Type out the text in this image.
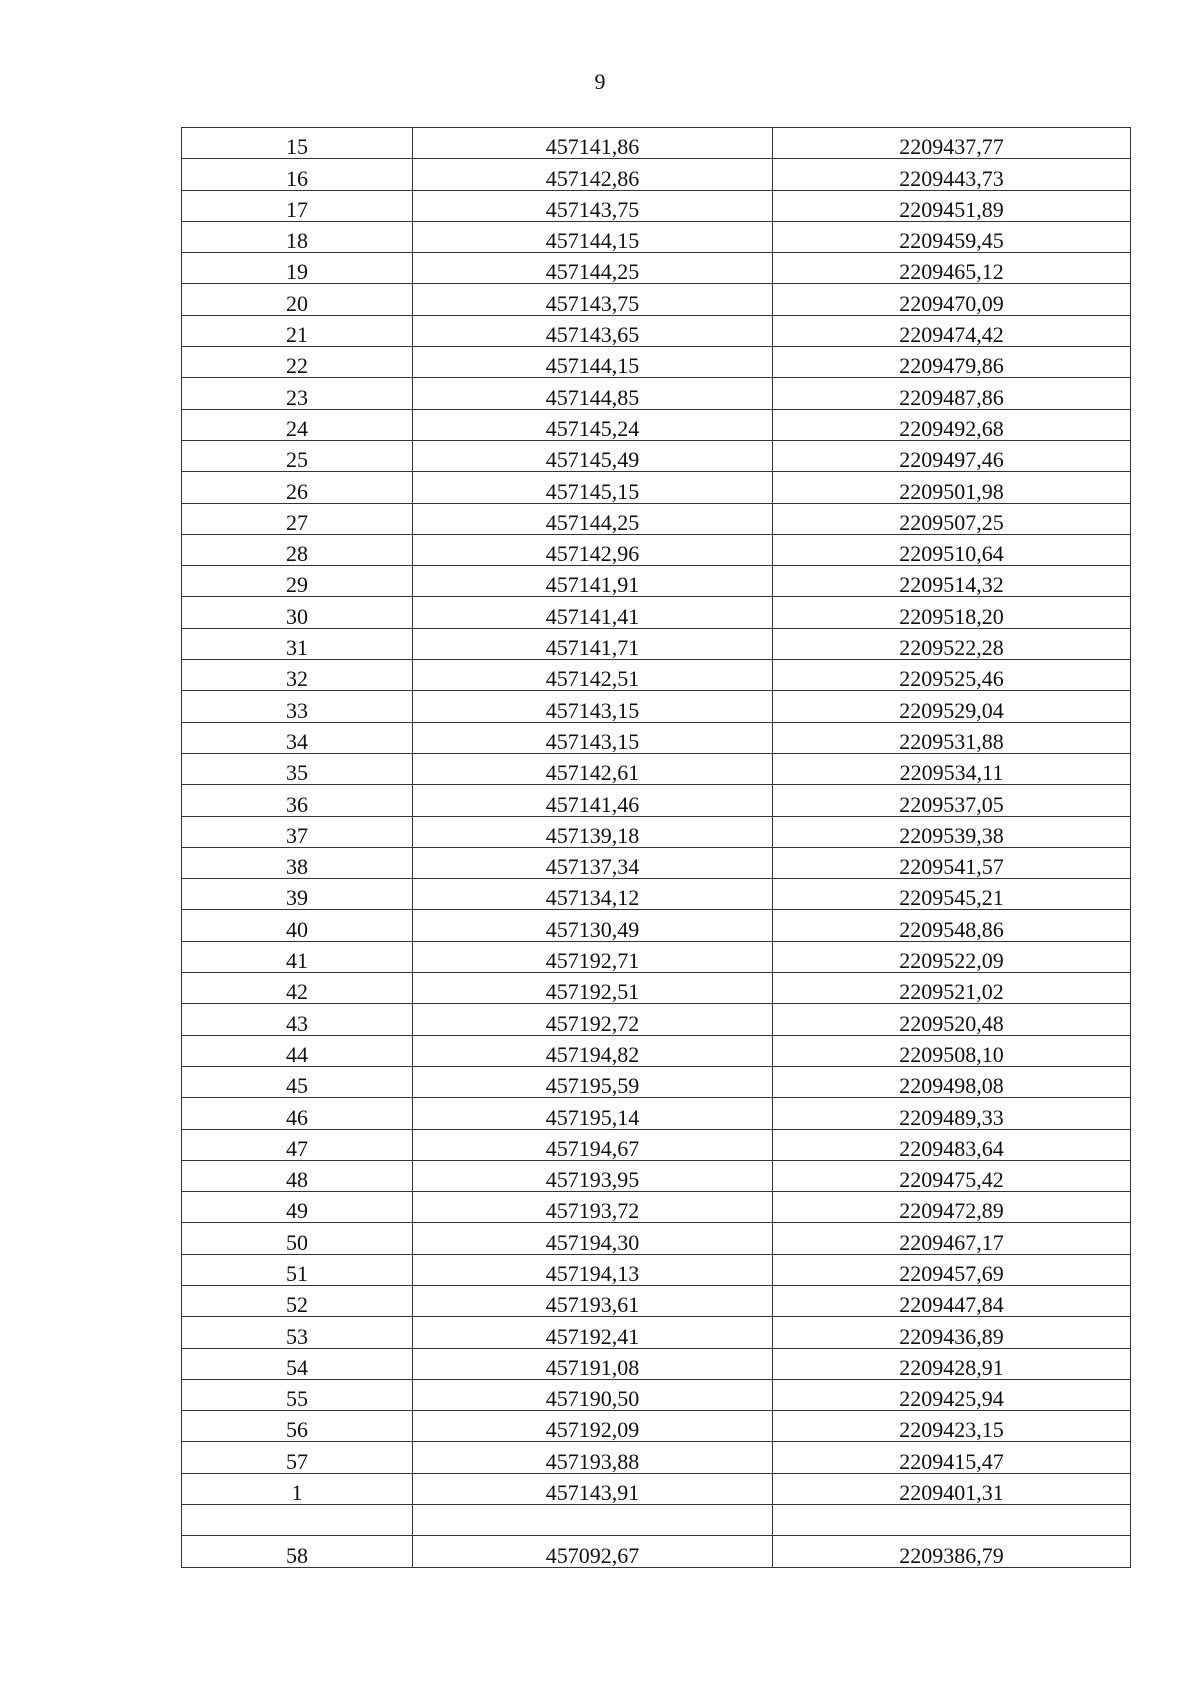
9
15	457141,86	2209437,77
16	457142,86	2209443,73
17	457143,75	2209451,89
18	457144,15	2209459,45
19	457144,25	2209465,12
20	457143,75	2209470,09
21	457143,65	2209474,42
22	457144,15	2209479,86
23	457144,85	2209487,86
24	457145,24	2209492,68
25	457145,49	2209497,46
26	457145,15	2209501,98
27	457144,25	2209507,25
28	457142,96	2209510,64
29	457141,91	2209514,32
30	457141,41	2209518,20
31	457141,71	2209522,28
32	457142,51	2209525,46
33	457143,15	2209529,04
34	457143,15	2209531,88
35	457142,61	2209534,11
36	457141,46	2209537,05
37	457139,18	2209539,38
38	457137,34	2209541,57
39	457134,12	2209545,21
40	457130,49	2209548,86
41	457192,71	2209522,09
42	457192,51	2209521,02
43	457192,72	2209520,48
44	457194,82	2209508,10
45	457195,59	2209498,08
46	457195,14	2209489,33
47	457194,67	2209483,64
48	457193,95	2209475,42
49	457193,72	2209472,89
50	457194,30	2209467,17
51	457194,13	2209457,69
52	457193,61	2209447,84
53	457192,41	2209436,89
54	457191,08	2209428,91
55	457190,50	2209425,94
56	457192,09	2209423,15
57	457193,88	2209415,47
1	457143,91	2209401,31

58	457092,67	2209386,79
